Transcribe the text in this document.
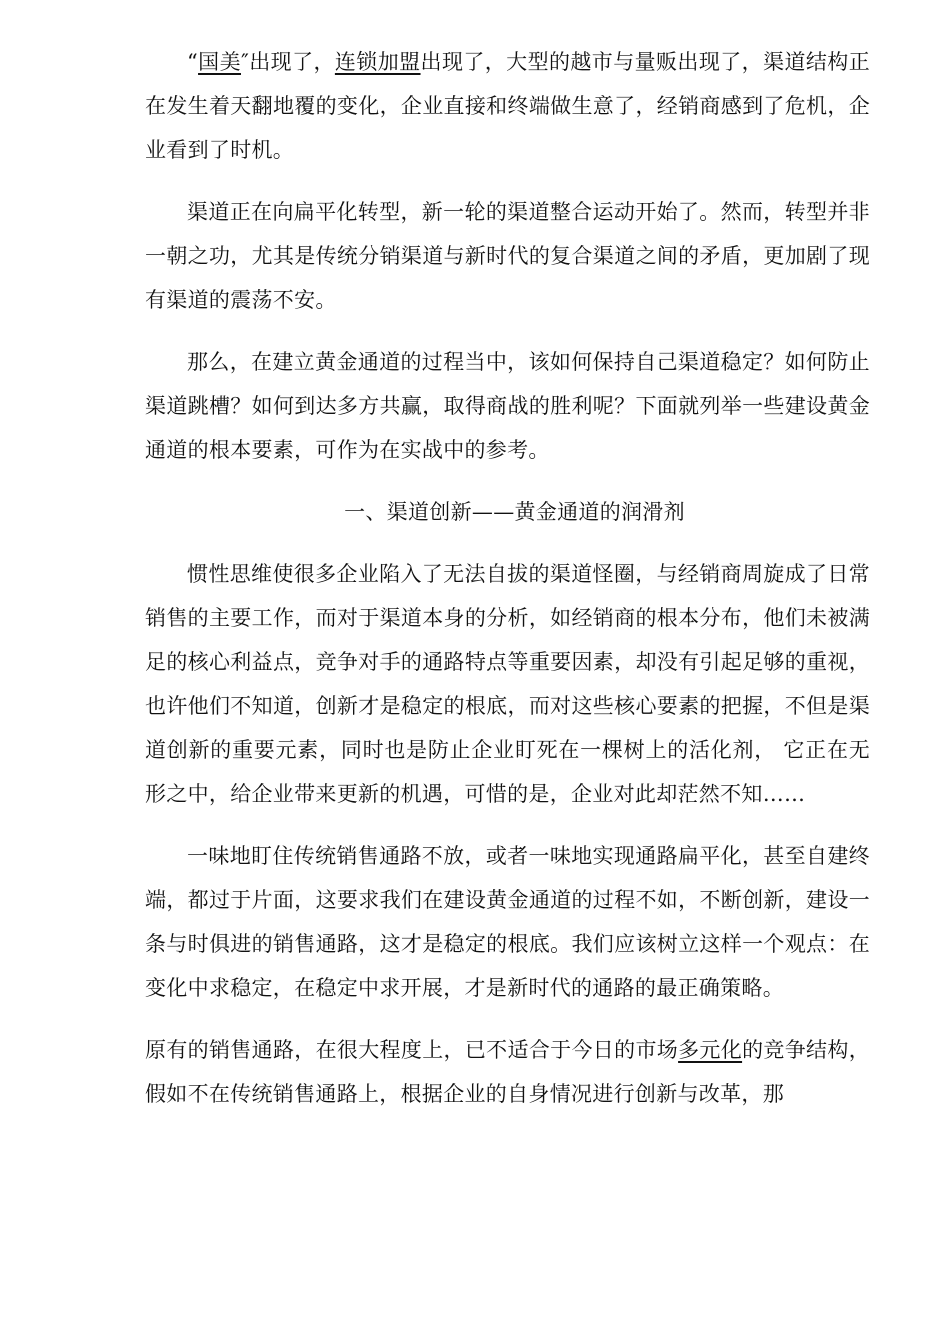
“国美″出现了，连锁加盟出现了，大型的越市与量贩出现了，渠道结构正在发生着天翻地覆的变化，企业直接和终端做生意了，经销商感到了危机，企业看到了时机。

渠道正在向扁平化转型，新一轮的渠道整合运动开始了。然而，转型并非一朝之功，尤其是传统分销渠道与新时代的复合渠道之间的矛盾，更加剧了现有渠道的震荡不安。

那么，在建立黄金通道的过程当中，该如何保持自己渠道稳定？如何防止渠道跳槽？如何到达多方共赢，取得商战的胜利呢？下面就列举一些建设黄金通道的根本要素，可作为在实战中的参考。

一、渠道创新——黄金通道的润滑剂

惯性思维使很多企业陷入了无法自拔的渠道怪圈，与经销商周旋成了日常销售的主要工作，而对于渠道本身的分析，如经销商的根本分布，他们未被满足的核心利益点，竞争对手的通路特点等重要因素，却没有引起足够的重视，也许他们不知道，创新才是稳定的根底，而对这些核心要素的把握，不但是渠道创新的重要元素，同时也是防止企业盯死在一棵树上的活化剂， 它正在无形之中，给企业带来更新的机遇，可惜的是，企业对此却茫然不知……

一味地盯住传统销售通路不放，或者一味地实现通路扁平化，甚至自建终端，都过于片面，这要求我们在建设黄金通道的过程不如，不断创新，建设一条与时俱进的销售通路，这才是稳定的根底。我们应该树立这样一个观点：在变化中求稳定，在稳定中求开展，才是新时代的通路的最正确策略。

原有的销售通路，在很大程度上，已不适合于今日的市场多元化的竞争结构，假如不在传统销售通路上，根据企业的自身情况进行创新与改革，那
